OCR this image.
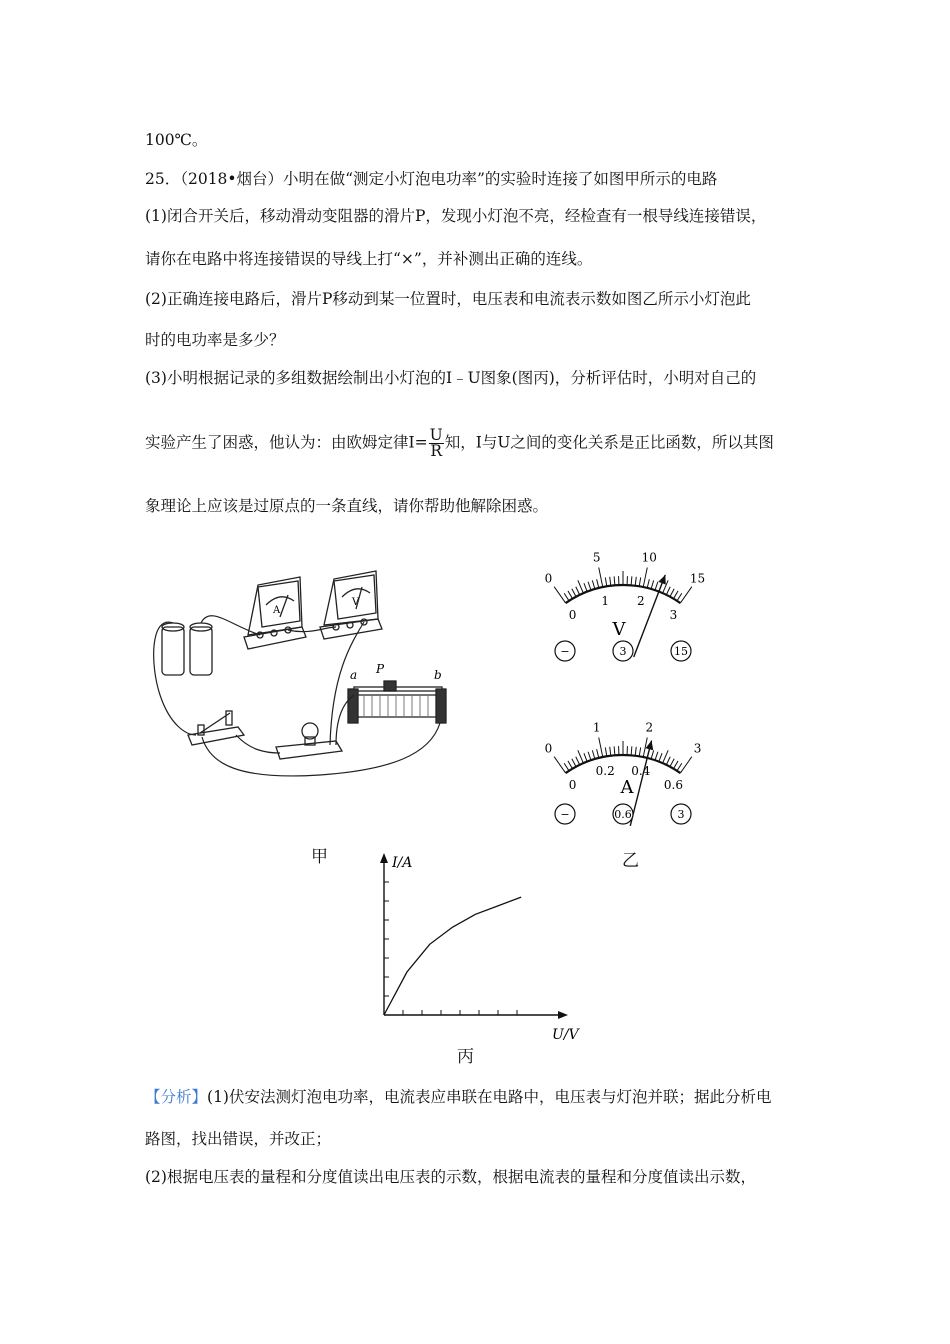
100℃。
25．（2018•烟台）小明在做“测定小灯泡电功率”的实验时连接了如图甲所示的电路
(1)闭合开关后，移动滑动变阻器的滑片P，发现小灯泡不亮，经检查有一根导线连接错误，
请你在电路中将连接错误的导线上打“×”，并补测出正确的连线。
(2)正确连接电路后，滑片P移动到某一位置时，电压表和电流表示数如图乙所示小灯泡此
时的电功率是多少？
(3)小明根据记录的多组数据绘制出小灯泡的I﹣U图象(图丙)，分析评估时，小明对自己的
实验产生了困惑，他认为：由欧姆定律$I= \frac{U}{R}$ 知，I与U之间的变化关系是正比函数，所以其图
象理论上应该是过原点的一条直线，请你帮助他解除困惑。
A
V
a P	b
甲
0
5	10
15
0
1 2
3
V
−	3	15
0
1	2
3
0
0.2 0.4
0.6
A
−	0.6	3
乙
I/A
U/V
丙
【分析】(1)伏安法测灯泡电功率，电流表应串联在电路中，电压表与灯泡并联；据此分析电
路图，找出错误，并改正；
(2)根据电压表的量程和分度值读出电压表的示数，根据电流表的量程和分度值读出示数，
